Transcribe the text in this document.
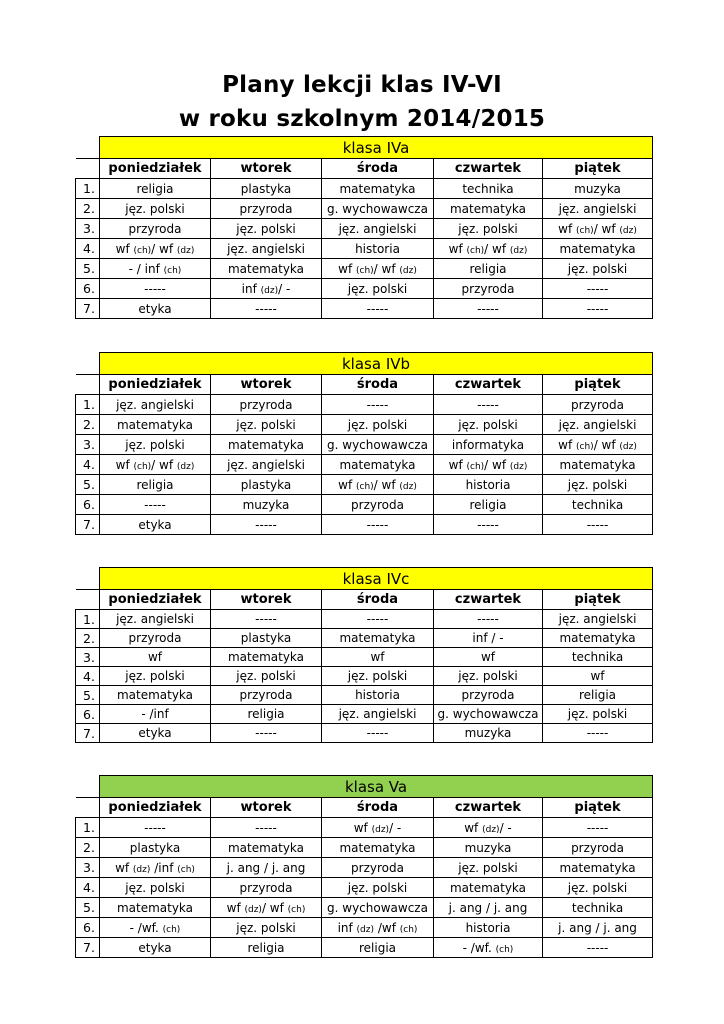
Plany lekcji klas IV-VI
w roku szkolnym 2014/2015
	klasa IVa				
	poniedziałek	wtorek	środa	czwartek	piątek
1.	religia	plastyka	matematyka	technika	muzyka
2.	jęz. polski	przyroda	g. wychowawcza	matematyka	jęz. angielski
3.	przyroda	jęz. polski	jęz. angielski	jęz. polski	wf (ch)/ wf (dz)
4.	wf (ch)/ wf (dz)	jęz. angielski	historia	wf (ch)/ wf (dz)	matematyka
5.	- / inf (ch)	matematyka	wf (ch)/ wf (dz)	religia	jęz. polski
6.	-----	inf (dz)/ -	jęz. polski	przyroda	-----
7.	etyka	-----	-----	-----	-----
	klasa IVb				
	poniedziałek	wtorek	środa	czwartek	piątek
1.	jęz. angielski	przyroda	-----	-----	przyroda
2.	matematyka	jęz. polski	jęz. polski	jęz. polski	jęz. angielski
3.	jęz. polski	matematyka	g. wychowawcza	informatyka	wf (ch)/ wf (dz)
4.	wf (ch)/ wf (dz)	jęz. angielski	matematyka	wf (ch)/ wf (dz)	matematyka
5.	religia	plastyka	wf (ch)/ wf (dz)	historia	jęz. polski
6.	-----	muzyka	przyroda	religia	technika
7.	etyka	-----	-----	-----	-----
	klasa IVc				
	poniedziałek	wtorek	środa	czwartek	piątek
1.	jęz. angielski	-----	-----	-----	jęz. angielski
2.	przyroda	plastyka	matematyka	inf / -	matematyka
3.	wf	matematyka	wf	wf	technika
4.	jęz. polski	jęz. polski	jęz. polski	jęz. polski	wf
5.	matematyka	przyroda	historia	przyroda	religia
6.	- /inf	religia	jęz. angielski	g. wychowawcza	jęz. polski
7.	etyka	-----	-----	muzyka	-----
	klasa Va				
	poniedziałek	wtorek	środa	czwartek	piątek
1.	-----	-----	wf (dz)/ -	wf (dz)/ -	-----
2.	plastyka	matematyka	matematyka	muzyka	przyroda
3.	wf (dz) /inf (ch)	j. ang / j. ang	przyroda	jęz. polski	matematyka
4.	jęz. polski	przyroda	jęz. polski	matematyka	jęz. polski
5.	matematyka	wf (dz)/ wf (ch)	g. wychowawcza	j. ang / j. ang	technika
6.	- /wf. (ch)	jęz. polski	inf (dz) /wf (ch)	historia	j. ang / j. ang
7.	etyka	religia	religia	- /wf. (ch)	-----
